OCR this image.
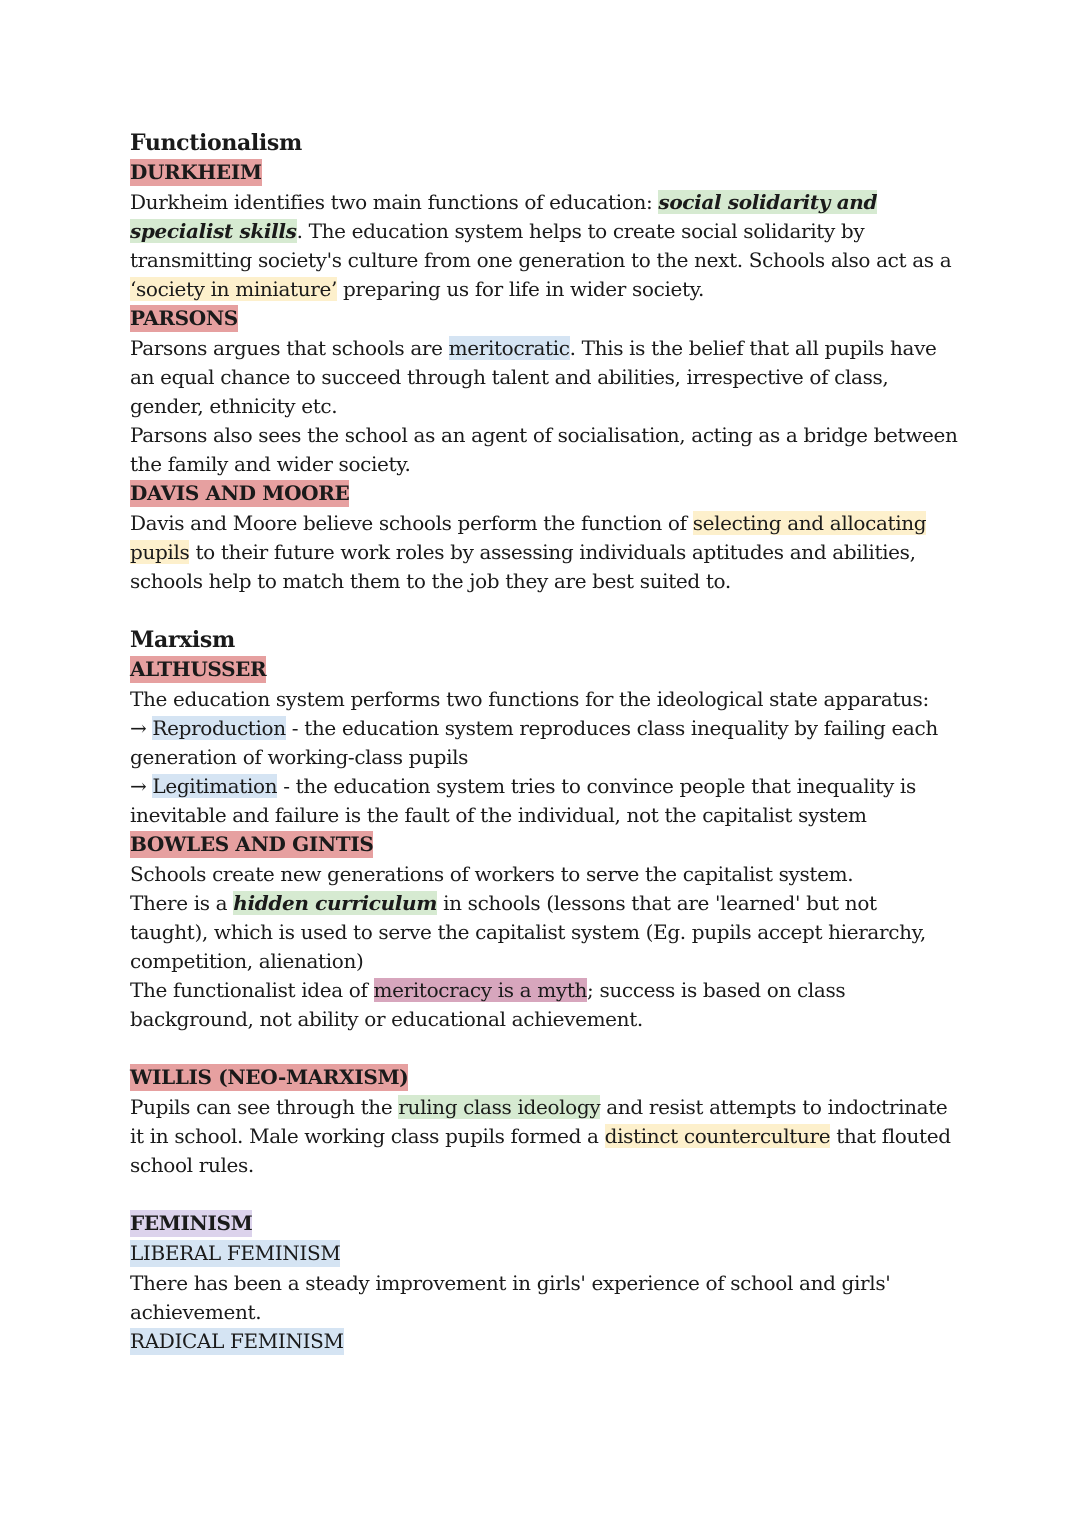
Functionalism
DURKHEIM

Durkheim identifies two main functions of education: social solidarity and specialist skills. The education system helps to create social solidarity by transmitting society's culture from one generation to the next. Schools also act as a ‘society in miniature’ preparing us for life in wider society.

PARSONS

Parsons argues that schools are meritocratic. This is the belief that all pupils have an equal chance to succeed through talent and abilities, irrespective of class, gender, ethnicity etc.

Parsons also sees the school as an agent of socialisation, acting as a bridge between the family and wider society.

DAVIS AND MOORE

Davis and Moore believe schools perform the function of selecting and allocating pupils to their future work roles by assessing individuals aptitudes and abilities, schools help to match them to the job they are best suited to.

Marxism
ALTHUSSER

The education system performs two functions for the ideological state apparatus:

→ Reproduction - the education system reproduces class inequality by failing each generation of working-class pupils

→ Legitimation - the education system tries to convince people that inequality is inevitable and failure is the fault of the individual, not the capitalist system

BOWLES AND GINTIS

Schools create new generations of workers to serve the capitalist system.

There is a hidden curriculum in schools (lessons that are 'learned' but not taught), which is used to serve the capitalist system (Eg. pupils accept hierarchy, competition, alienation)

The functionalist idea of meritocracy is a myth; success is based on class background, not ability or educational achievement.

WILLIS (NEO-MARXISM)

Pupils can see through the ruling class ideology and resist attempts to indoctrinate it in school. Male working class pupils formed a distinct counterculture that flouted school rules.

FEMINISM
LIBERAL FEMINISM

There has been a steady improvement in girls' experience of school and girls' achievement.

RADICAL FEMINISM
